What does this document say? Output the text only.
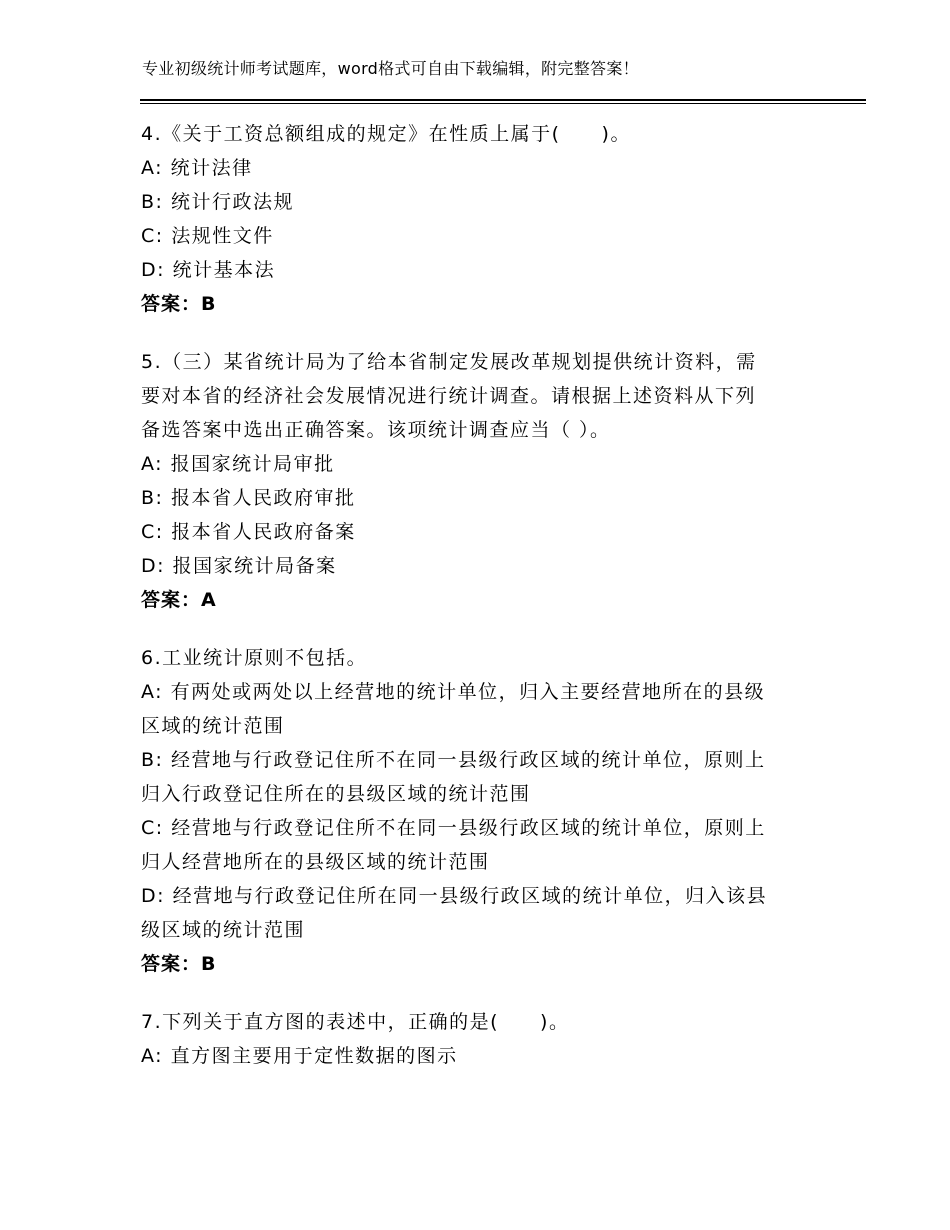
专业初级统计师考试题库，word格式可自由下载编辑，附完整答案！
4.《关于工资总额组成的规定》在性质上属于(　　)。
A: 统计法律
B: 统计行政法规
C: 法规性文件
D: 统计基本法
答案：B
5.（三）某省统计局为了给本省制定发展改革规划提供统计资料，需
要对本省的经济社会发展情况进行统计调查。请根据上述资料从下列
备选答案中选出正确答案。该项统计调查应当（ ）。
A: 报国家统计局审批
B: 报本省人民政府审批
C: 报本省人民政府备案
D: 报国家统计局备案
答案：A
6.工业统计原则不包括。
A: 有两处或两处以上经营地的统计单位，归入主要经营地所在的县级
区域的统计范围
B: 经营地与行政登记住所不在同一县级行政区域的统计单位，原则上
归入行政登记住所在的县级区域的统计范围
C: 经营地与行政登记住所不在同一县级行政区域的统计单位，原则上
归人经营地所在的县级区域的统计范围
D: 经营地与行政登记住所在同一县级行政区域的统计单位，归入该县
级区域的统计范围
答案：B
7.下列关于直方图的表述中，正确的是(　　)。
A: 直方图主要用于定性数据的图示
